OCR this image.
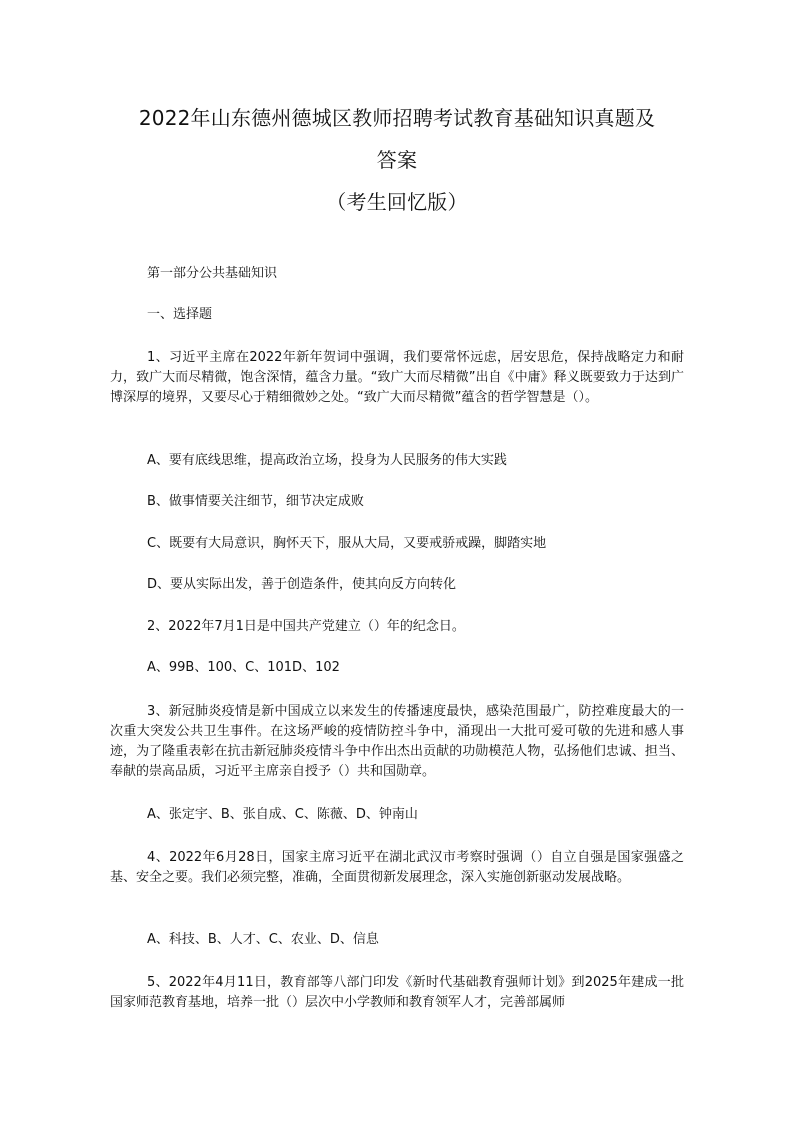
2022年山东德州德城区教师招聘考试教育基础知识真题及
答案
（考生回忆版）

第一部分公共基础知识

一、选择题

1、习近平主席在2022年新年贺词中强调，我们要常怀远虑，居安思危，保持战略定力和耐力，致广大而尽精微，饱含深情，蕴含力量。“致广大而尽精微”出自《中庸》释义既要致力于达到广博深厚的境界，又要尽心于精细微妙之处。“致广大而尽精微”蕴含的哲学智慧是（）。

A、要有底线思维，提高政治立场，投身为人民服务的伟大实践

B、做事情要关注细节，细节决定成败

C、既要有大局意识，胸怀天下，服从大局，又要戒骄戒躁，脚踏实地

D、要从实际出发，善于创造条件，使其向反方向转化

2、2022年7月1日是中国共产党建立（）年的纪念日。

A、99B、100、C、101D、102

3、新冠肺炎疫情是新中国成立以来发生的传播速度最快，感染范围最广，防控难度最大的一次重大突发公共卫生事件。在这场严峻的疫情防控斗争中，涌现出一大批可爱可敬的先进和感人事迹，为了隆重表彰在抗击新冠肺炎疫情斗争中作出杰出贡献的功勋模范人物，弘扬他们忠诚、担当、奉献的崇高品质，习近平主席亲自授予（）共和国勋章。

A、张定宇、B、张自成、C、陈薇、D、钟南山

4、2022年6月28日，国家主席习近平在湖北武汉市考察时强调（）自立自强是国家强盛之基、安全之要。我们必须完整，准确，全面贯彻新发展理念，深入实施创新驱动发展战略。

A、科技、B、人才、C、农业、D、信息

5、2022年4月11日，教育部等八部门印发《新时代基础教育强师计划》到2025年建成一批国家师范教育基地，培养一批（）层次中小学教师和教育领军人才，完善部属师
